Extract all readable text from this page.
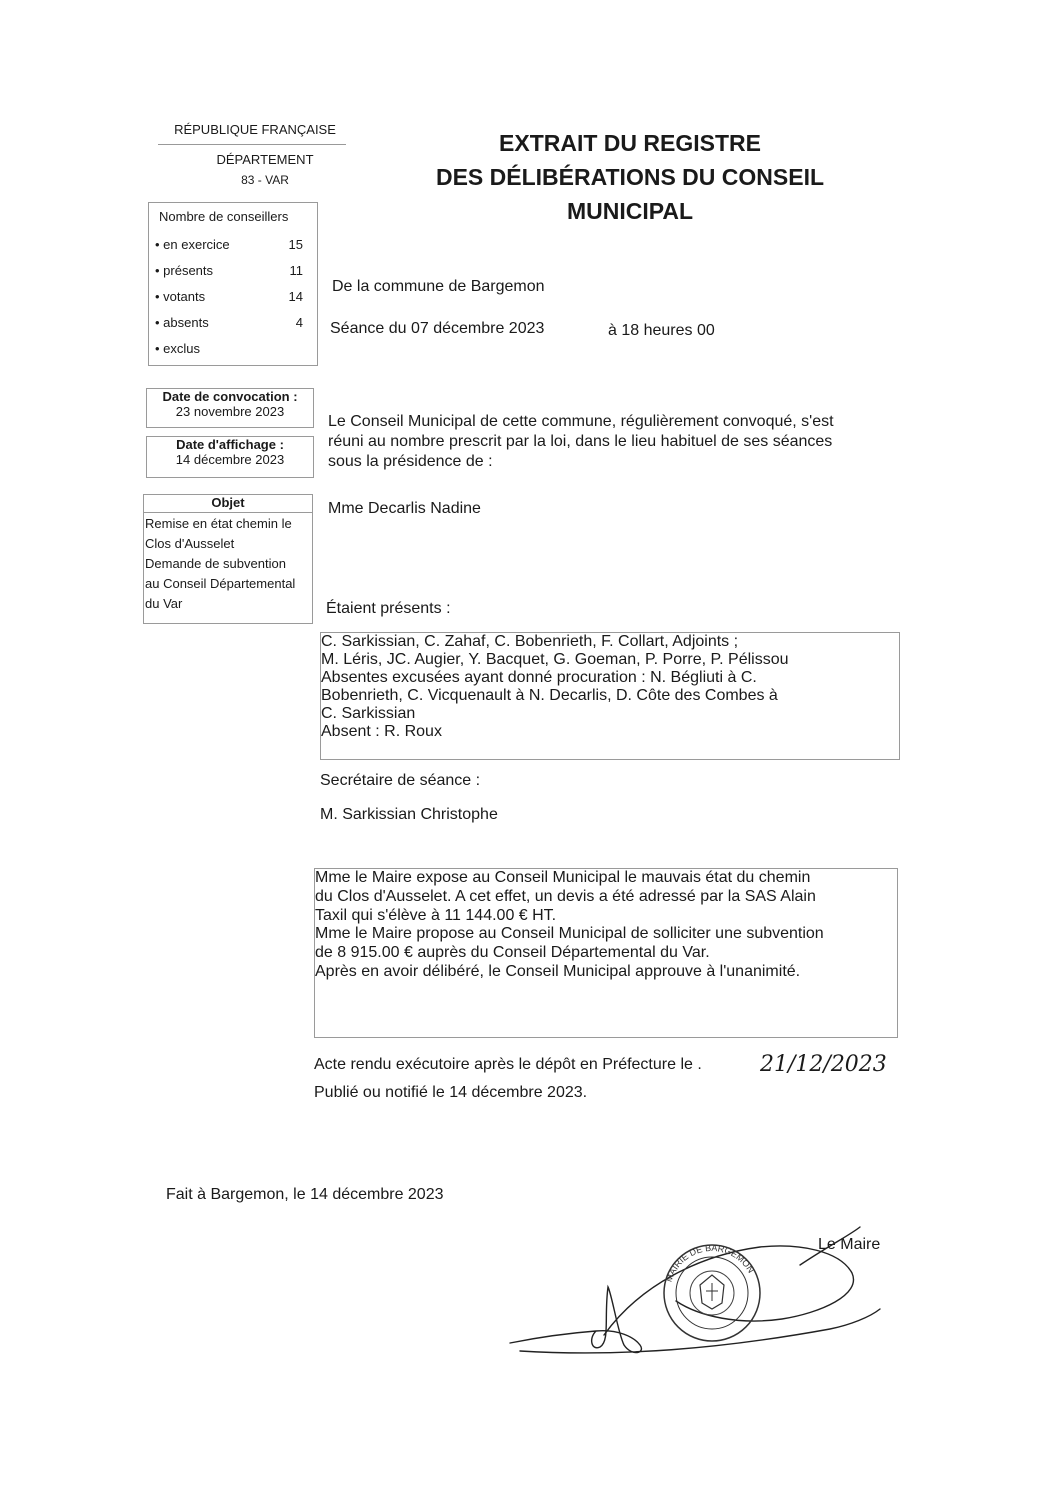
RÉPUBLIQUE FRANÇAISE
DÉPARTEMENT
83 - VAR
EXTRAIT DU REGISTRE
DES DÉLIBÉRATIONS DU CONSEIL
MUNICIPAL
Nombre de conseillers
• en exercice	15
• présents	11
• votants	14
• absents	4
• exclus
Date de convocation :
23 novembre 2023
Date d'affichage :
14 décembre 2023
Objet
Remise en état chemin le
Clos d'Ausselet
Demande de subvention
au Conseil Départemental
du Var
De la commune de Bargemon
Séance du 07 décembre 2023	à 18 heures 00
Le Conseil Municipal de cette commune, régulièrement convoqué, s'est
réuni au nombre prescrit par la loi, dans le lieu habituel de ses séances
sous la présidence de :
Mme Decarlis Nadine
Étaient présents :
C. Sarkissian, C. Zahaf, C. Bobenrieth, F. Collart, Adjoints ;
M. Léris, JC. Augier, Y. Bacquet, G. Goeman, P. Porre, P. Pélissou
Absentes excusées ayant donné procuration : N. Bégliuti à C.
Bobenrieth, C. Vicquenault à N. Decarlis, D. Côte des Combes à
C. Sarkissian
Absent : R. Roux
Secrétaire de séance :
M. Sarkissian Christophe
Mme le Maire expose au Conseil Municipal le mauvais état du chemin
du Clos d'Ausselet. A cet effet, un devis a été adressé par la SAS Alain
Taxil qui s'élève à 11 144.00 € HT.
Mme le Maire propose au Conseil Municipal de solliciter une subvention
de 8 915.00 € auprès du Conseil Départemental du Var.
Après en avoir délibéré, le Conseil Municipal approuve à l'unanimité.
Acte rendu exécutoire après le dépôt en Préfecture le .	21/12/2023
Publié ou notifié le 14 décembre 2023.
Fait à Bargemon, le 14 décembre 2023
Le Maire
MAIRIE DE BARGEMON
